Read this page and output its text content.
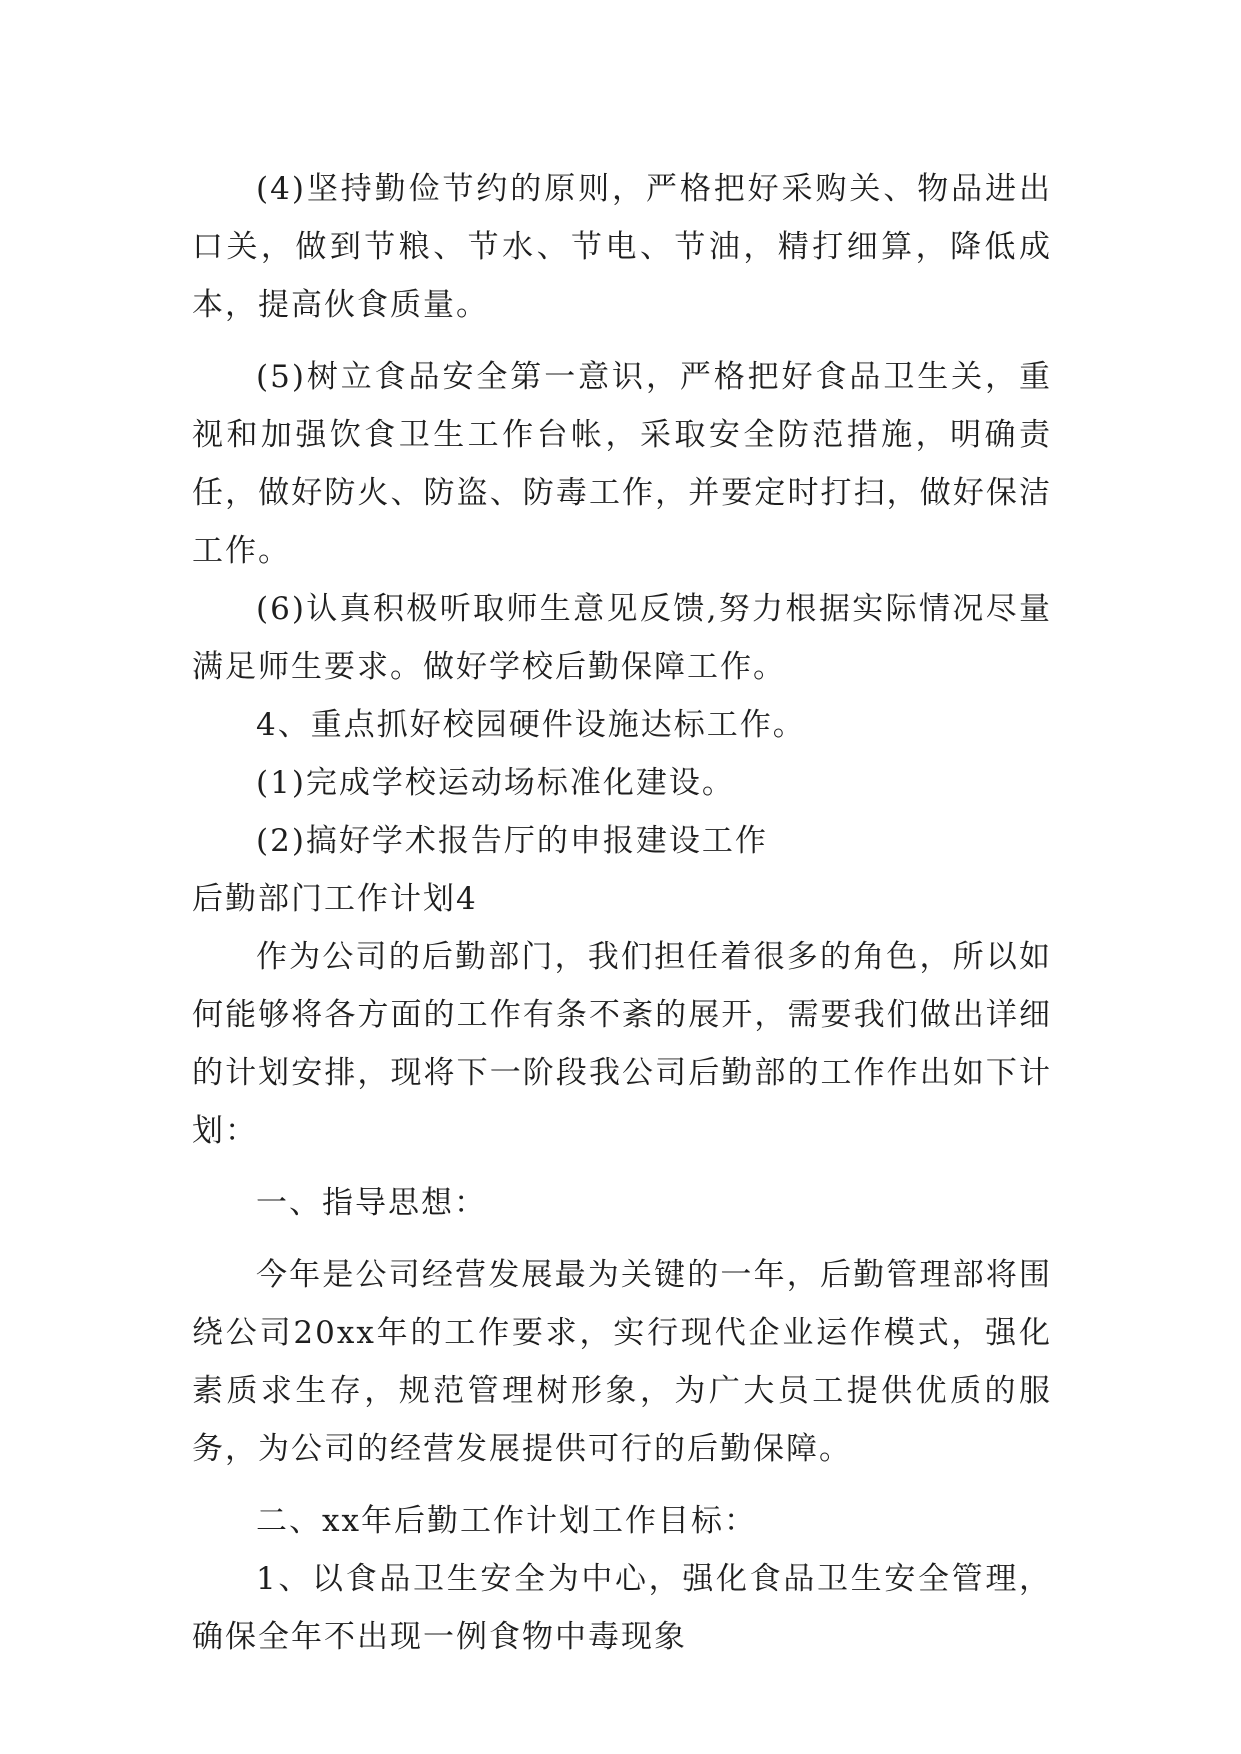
(4)坚持勤俭节约的原则，严格把好采购关、物品进出口关，做到节粮、节水、节电、节油，精打细算，降低成本，提高伙食质量。

(5)树立食品安全第一意识，严格把好食品卫生关，重视和加强饮食卫生工作台帐，采取安全防范措施，明确责任，做好防火、防盗、防毒工作，并要定时打扫，做好保洁工作。

(6)认真积极听取师生意见反馈,努力根据实际情况尽量满足师生要求。做好学校后勤保障工作。

4、重点抓好校园硬件设施达标工作。

(1)完成学校运动场标准化建设。

(2)搞好学术报告厅的申报建设工作

后勤部门工作计划4

作为公司的后勤部门，我们担任着很多的角色，所以如何能够将各方面的工作有条不紊的展开，需要我们做出详细的计划安排，现将下一阶段我公司后勤部的工作作出如下计划：

一、指导思想：

今年是公司经营发展最为关键的一年，后勤管理部将围绕公司20xx年的工作要求，实行现代企业运作模式，强化素质求生存，规范管理树形象，为广大员工提供优质的服务，为公司的经营发展提供可行的后勤保障。

二、xx年后勤工作计划工作目标：

1、以食品卫生安全为中心，强化食品卫生安全管理，确保全年不出现一例食物中毒现象
